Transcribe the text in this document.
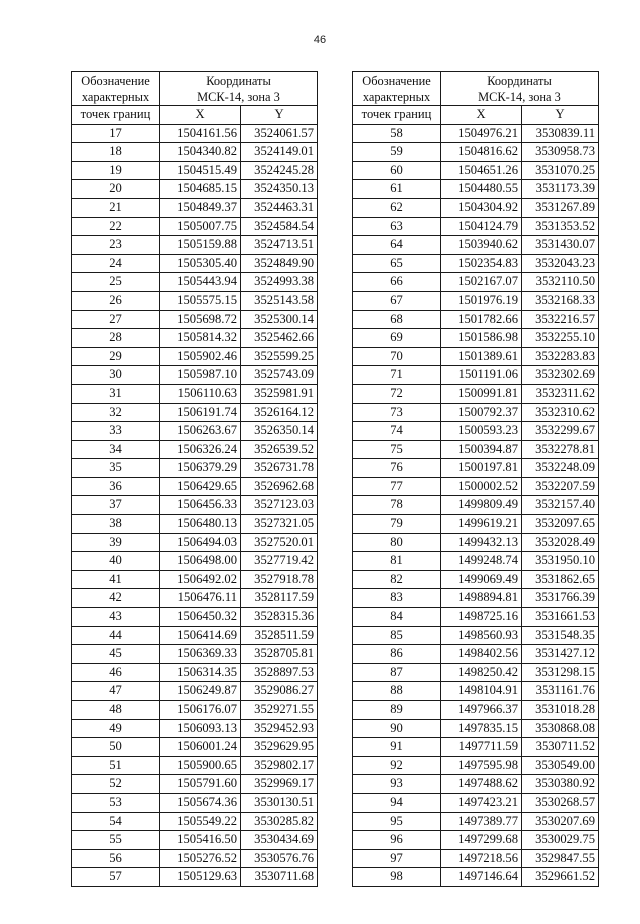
46
Обозначение
характерных	Координаты
МСК-14, зона 3	

точек границ	X	Y
17	1504161.56	3524061.57
18	1504340.82	3524149.01
19	1504515.49	3524245.28
20	1504685.15	3524350.13
21	1504849.37	3524463.31
22	1505007.75	3524584.54
23	1505159.88	3524713.51
24	1505305.40	3524849.90
25	1505443.94	3524993.38
26	1505575.15	3525143.58
27	1505698.72	3525300.14
28	1505814.32	3525462.66
29	1505902.46	3525599.25
30	1505987.10	3525743.09
31	1506110.63	3525981.91
32	1506191.74	3526164.12
33	1506263.67	3526350.14
34	1506326.24	3526539.52
35	1506379.29	3526731.78
36	1506429.65	3526962.68
37	1506456.33	3527123.03
38	1506480.13	3527321.05
39	1506494.03	3527520.01
40	1506498.00	3527719.42
41	1506492.02	3527918.78
42	1506476.11	3528117.59
43	1506450.32	3528315.36
44	1506414.69	3528511.59
45	1506369.33	3528705.81
46	1506314.35	3528897.53
47	1506249.87	3529086.27
48	1506176.07	3529271.55
49	1506093.13	3529452.93
50	1506001.24	3529629.95
51	1505900.65	3529802.17
52	1505791.60	3529969.17
53	1505674.36	3530130.51
54	1505549.22	3530285.82
55	1505416.50	3530434.69
56	1505276.52	3530576.76
57	1505129.63	3530711.68
Обозначение
характерных	Координаты
МСК-14, зона 3	

точек границ	X	Y
58	1504976.21	3530839.11
59	1504816.62	3530958.73
60	1504651.26	3531070.25
61	1504480.55	3531173.39
62	1504304.92	3531267.89
63	1504124.79	3531353.52
64	1503940.62	3531430.07
65	1502354.83	3532043.23
66	1502167.07	3532110.50
67	1501976.19	3532168.33
68	1501782.66	3532216.57
69	1501586.98	3532255.10
70	1501389.61	3532283.83
71	1501191.06	3532302.69
72	1500991.81	3532311.62
73	1500792.37	3532310.62
74	1500593.23	3532299.67
75	1500394.87	3532278.81
76	1500197.81	3532248.09
77	1500002.52	3532207.59
78	1499809.49	3532157.40
79	1499619.21	3532097.65
80	1499432.13	3532028.49
81	1499248.74	3531950.10
82	1499069.49	3531862.65
83	1498894.81	3531766.39
84	1498725.16	3531661.53
85	1498560.93	3531548.35
86	1498402.56	3531427.12
87	1498250.42	3531298.15
88	1498104.91	3531161.76
89	1497966.37	3531018.28
90	1497835.15	3530868.08
91	1497711.59	3530711.52
92	1497595.98	3530549.00
93	1497488.62	3530380.92
94	1497423.21	3530268.57
95	1497389.77	3530207.69
96	1497299.68	3530029.75
97	1497218.56	3529847.55
98	1497146.64	3529661.52
